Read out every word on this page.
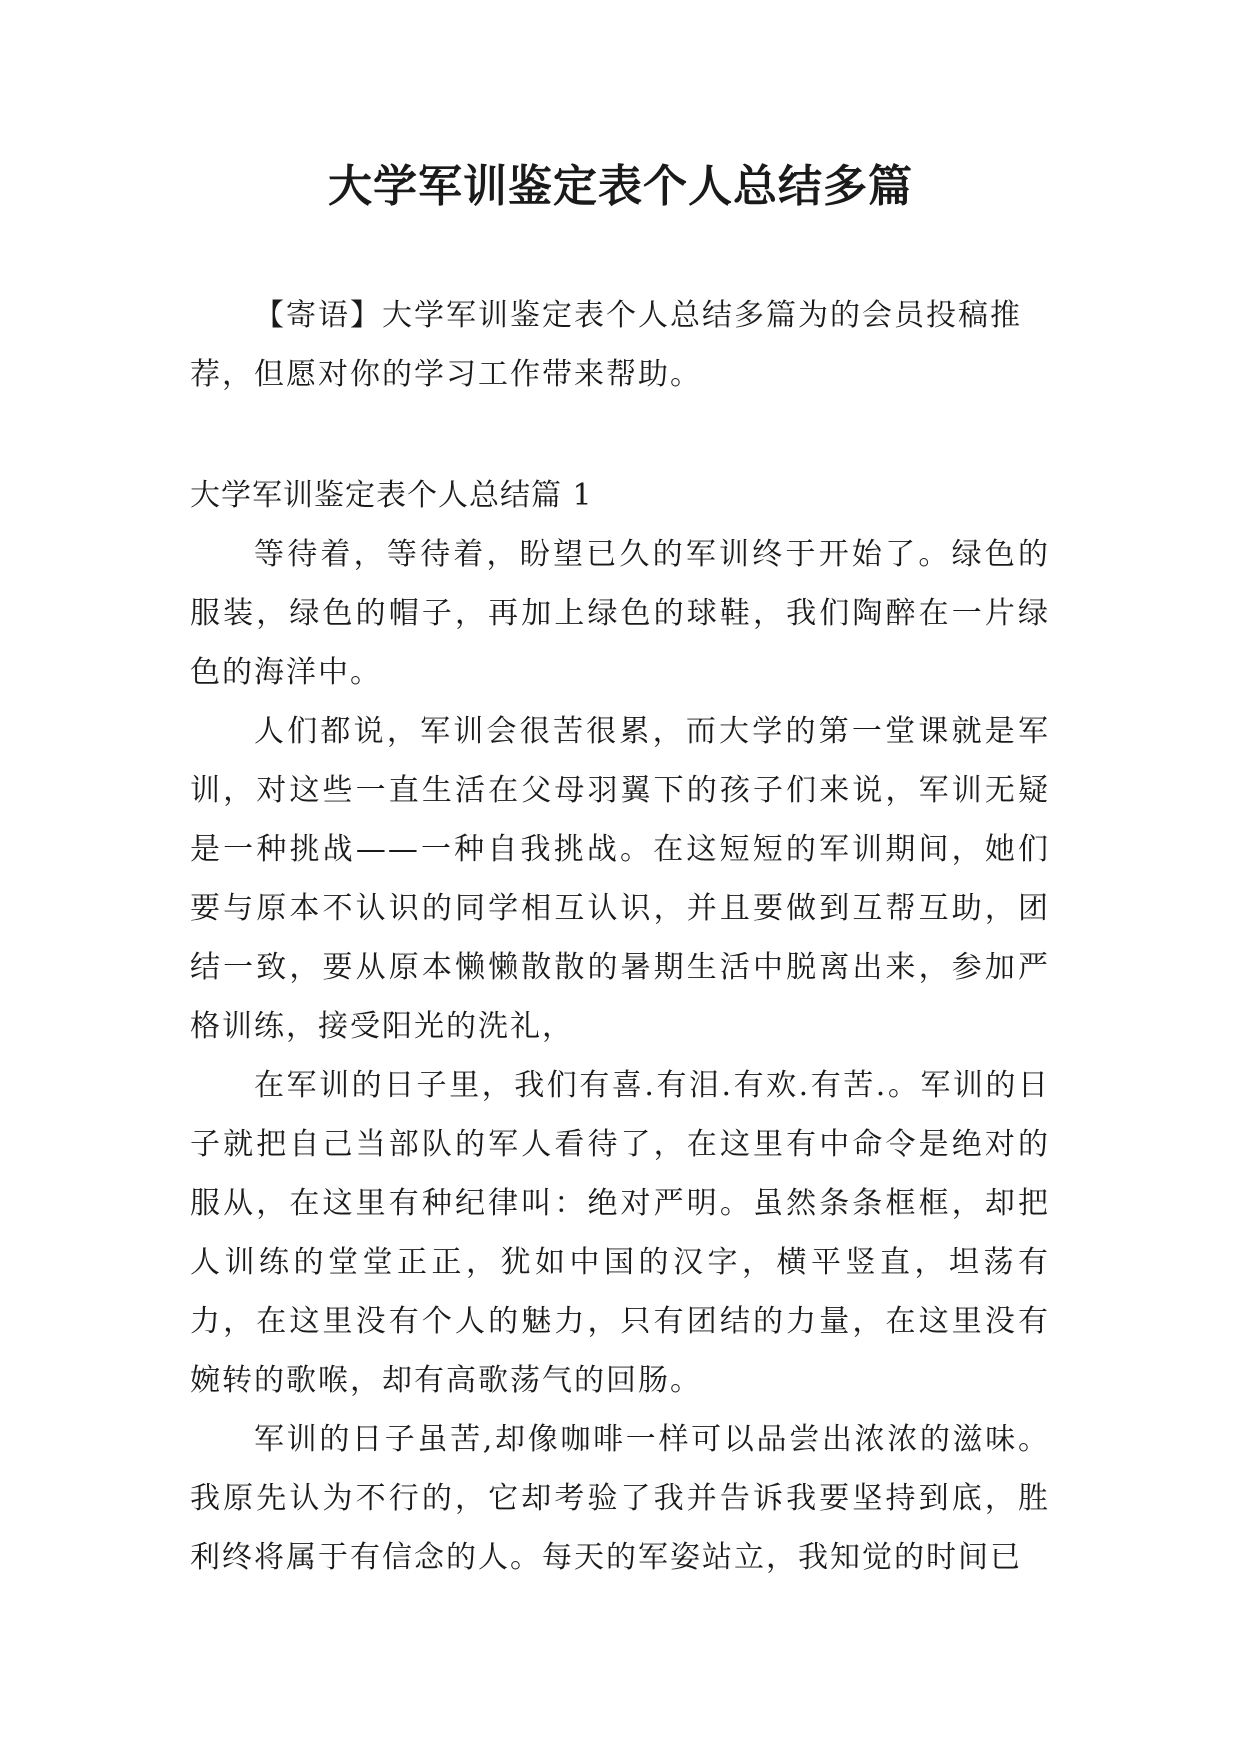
大学军训鉴定表个人总结多篇

【寄语】大学军训鉴定表个人总结多篇为的会员投稿推荐，但愿对你的学习工作带来帮助。

大学军训鉴定表个人总结篇 1

等待着，等待着，盼望已久的军训终于开始了。绿色的服装，绿色的帽子，再加上绿色的球鞋，我们陶醉在一片绿色的海洋中。

人们都说，军训会很苦很累，而大学的第一堂课就是军训，对这些一直生活在父母羽翼下的孩子们来说，军训无疑是一种挑战——一种自我挑战。在这短短的军训期间，她们要与原本不认识的同学相互认识，并且要做到互帮互助，团结一致，要从原本懒懒散散的暑期生活中脱离出来，参加严格训练，接受阳光的洗礼，

在军训的日子里，我们有喜.有泪.有欢.有苦.。军训的日子就把自己当部队的军人看待了，在这里有中命令是绝对的服从，在这里有种纪律叫：绝对严明。虽然条条框框，却把人训练的堂堂正正，犹如中国的汉字，横平竖直，坦荡有力，在这里没有个人的魅力，只有团结的力量，在这里没有婉转的歌喉，却有高歌荡气的回肠。

军训的日子虽苦,却像咖啡一样可以品尝出浓浓的滋味。我原先认为不行的，它却考验了我并告诉我要坚持到底，胜利终将属于有信念的人。每天的军姿站立，我知觉的时间已
